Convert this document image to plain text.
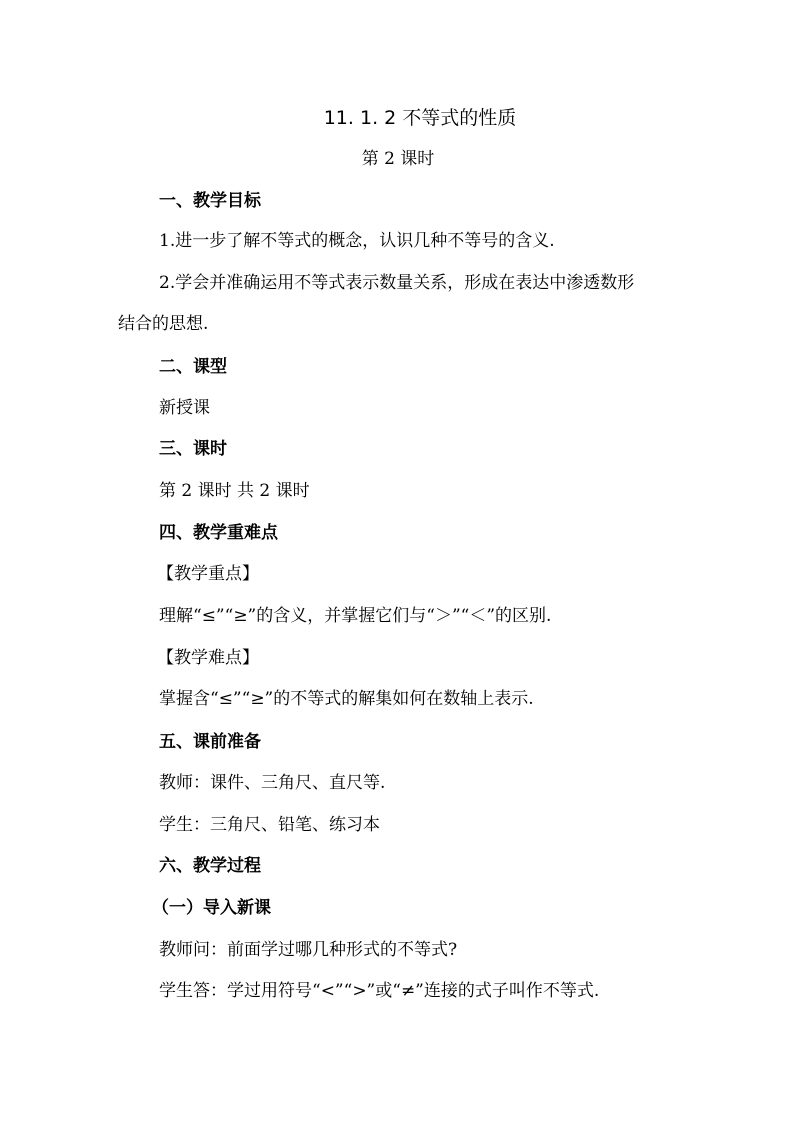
11. 1. 2 不等式的性质

第 2 课时

一、教学目标

1.进一步了解不等式的概念，认识几种不等号的含义.

2.学会并准确运用不等式表示数量关系，形成在表达中渗透数形

结合的思想.

二、课型

新授课

三、课时

第 2 课时 共 2 课时

四、教学重难点

【教学重点】

理解“≤”“≥”的含义，并掌握它们与“＞”“＜”的区别.

【教学难点】

掌握含“≤”“≥”的不等式的解集如何在数轴上表示.

五、课前准备

教师：课件、三角尺、直尺等.

学生：三角尺、铅笔、练习本

六、教学过程

（一）导入新课

教师问：前面学过哪几种形式的不等式?

学生答：学过用符号“<”“>”或“≠”连接的式子叫作不等式.
